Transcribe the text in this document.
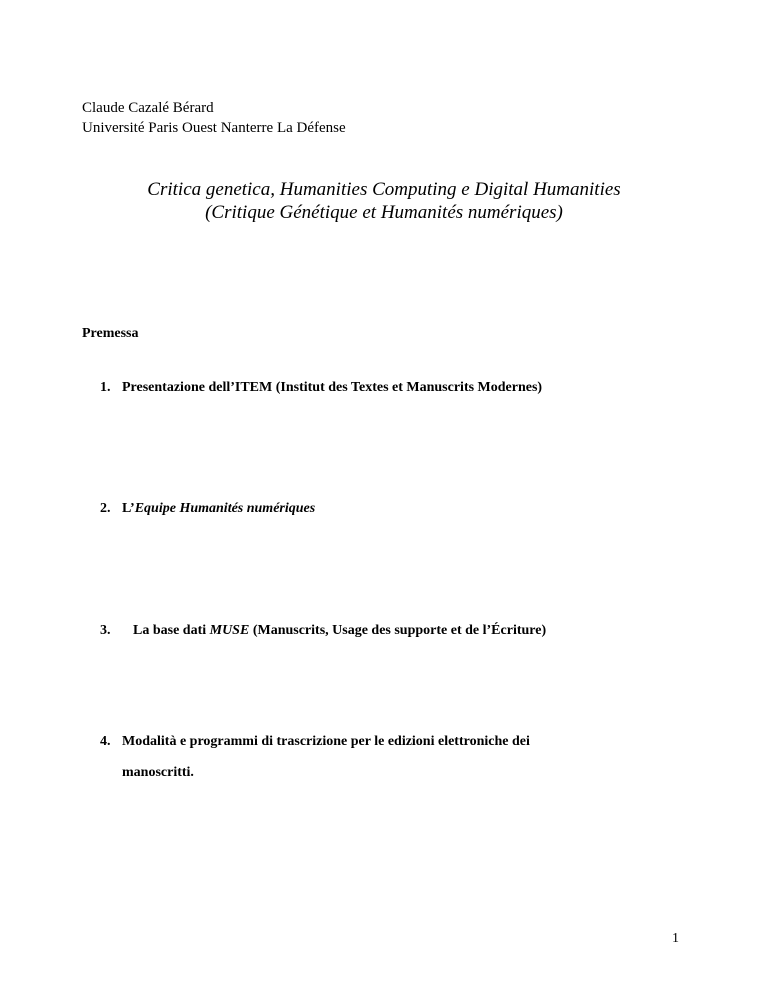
Claude Cazalé Bérard
Université Paris Ouest Nanterre La Défense
Critica genetica, Humanities Computing e Digital Humanities
(Critique Génétique et Humanités numériques)
Premessa
1. Presentazione dell’ITEM (Institut des Textes et Manuscrits Modernes)
2. L’Equipe Humanités numériques
3. La base dati MUSE (Manuscrits, Usage des supporte et de l’Écriture)
4. Modalità e programmi di trascrizione per le edizioni elettroniche dei
manoscritti.
1
